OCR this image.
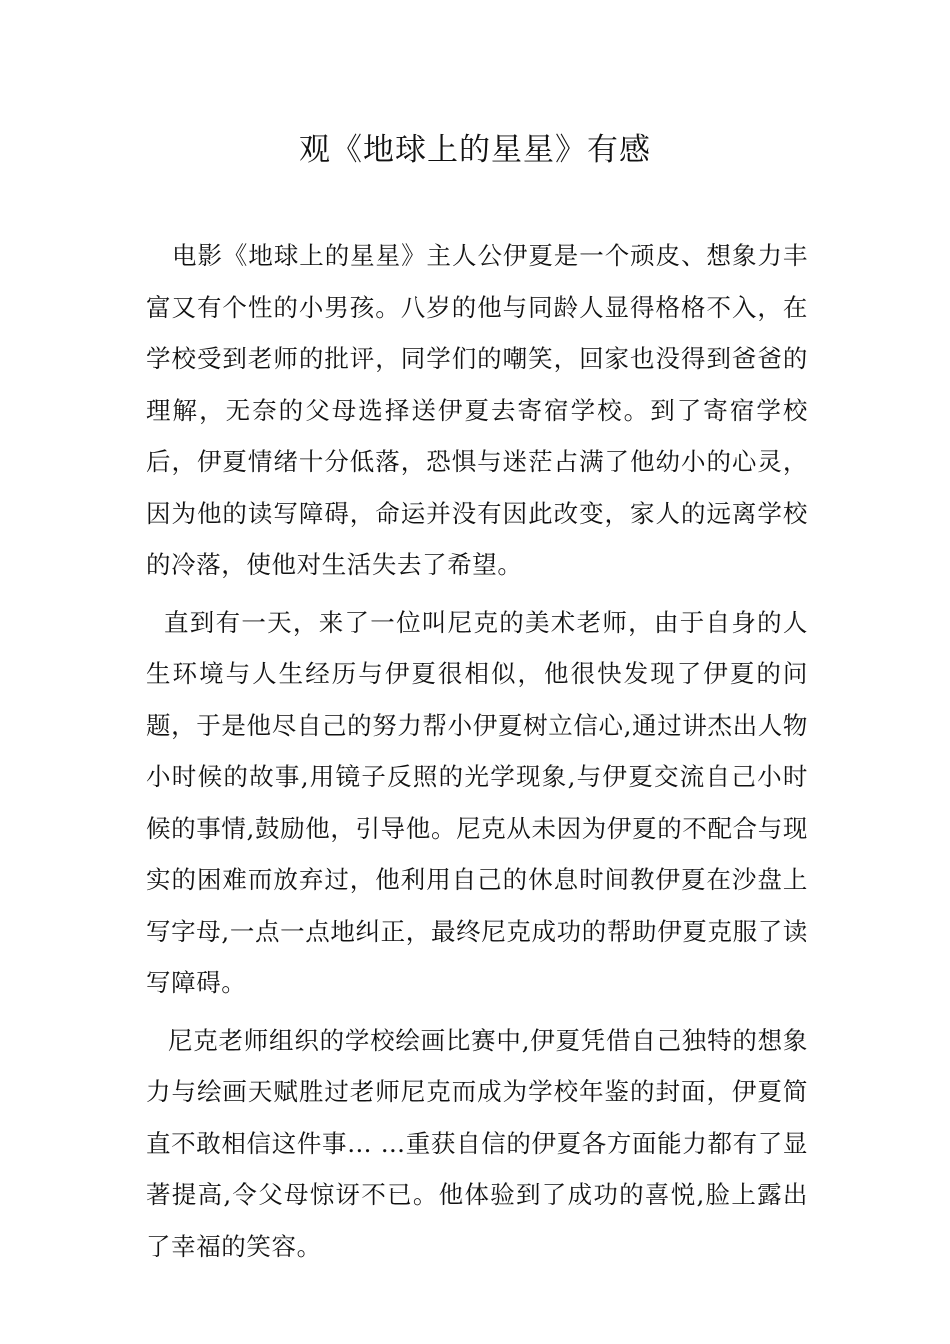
观《地球上的星星》有感

电影《地球上的星星》主人公伊夏是一个顽皮、想象力丰富又有个性的小男孩。八岁的他与同龄人显得格格不入，在学校受到老师的批评，同学们的嘲笑，回家也没得到爸爸的理解，无奈的父母选择送伊夏去寄宿学校。到了寄宿学校后，伊夏情绪十分低落，恐惧与迷茫占满了他幼小的心灵，因为他的读写障碍，命运并没有因此改变，家人的远离学校的冷落，使他对生活失去了希望。

直到有一天，来了一位叫尼克的美术老师，由于自身的人生环境与人生经历与伊夏很相似，他很快发现了伊夏的问题，于是他尽自己的努力帮小伊夏树立信心,通过讲杰出人物小时候的故事,用镜子反照的光学现象,与伊夏交流自己小时候的事情,鼓励他，引导他。尼克从未因为伊夏的不配合与现实的困难而放弃过，他利用自己的休息时间教伊夏在沙盘上写字母,一点一点地纠正，最终尼克成功的帮助伊夏克服了读写障碍。

尼克老师组织的学校绘画比赛中,伊夏凭借自己独特的想象力与绘画天赋胜过老师尼克而成为学校年鉴的封面，伊夏简直不敢相信这件事… …重获自信的伊夏各方面能力都有了显著提高,令父母惊讶不已。他体验到了成功的喜悦,脸上露出了幸福的笑容。
